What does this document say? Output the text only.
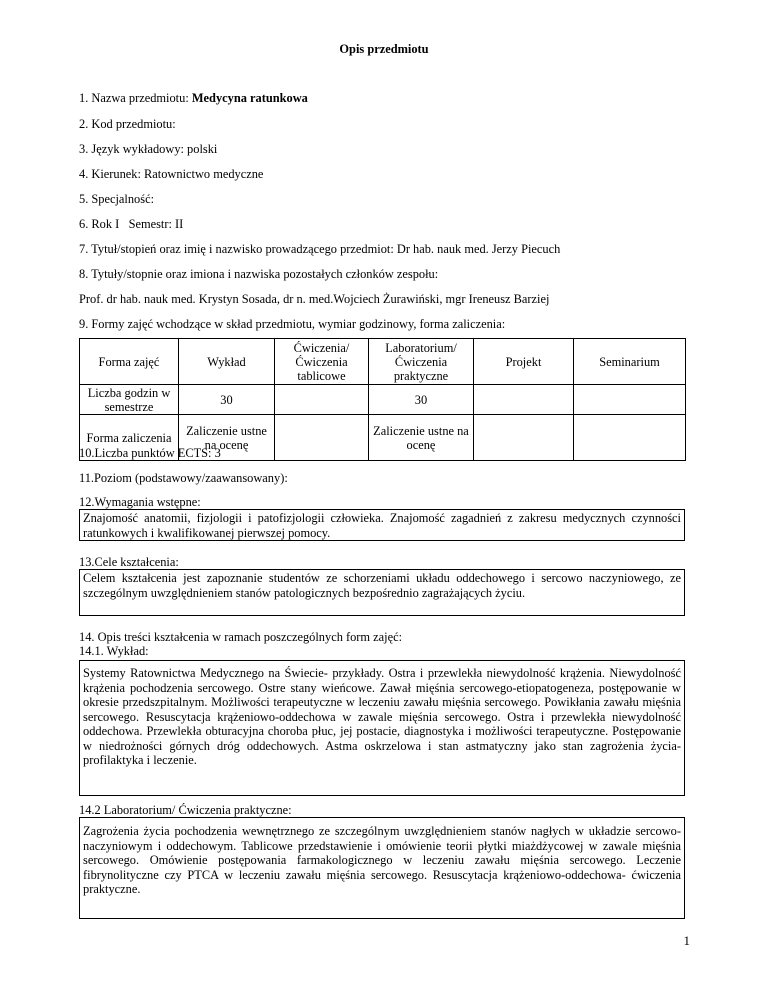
Opis przedmiotu
1. Nazwa przedmiotu: Medycyna ratunkowa
2. Kod przedmiotu:
3. Język wykładowy: polski
4. Kierunek: Ratownictwo medyczne
5. Specjalność:
6. Rok I   Semestr: II
7. Tytuł/stopień oraz imię i nazwisko prowadzącego przedmiot: Dr hab. nauk med. Jerzy Piecuch
8. Tytuły/stopnie oraz imiona i nazwiska pozostałych członków zespołu:
Prof. dr hab. nauk med. Krystyn Sosada, dr n. med.Wojciech Żurawiński, mgr Ireneusz Barziej
9. Formy zajęć wchodzące w skład przedmiotu, wymiar godzinowy, forma zaliczenia:
Forma zajęć	Wykład	Ćwiczenia/ Ćwiczenia tablicowe	Laboratorium/ Ćwiczenia praktyczne	Projekt	Seminarium
Liczba godzin w semestrze	30		30		
Forma zaliczenia	Zaliczenie ustne na ocenę		Zaliczenie ustne na ocenę		
10.Liczba punktów ECTS: 3
11.Poziom (podstawowy/zaawansowany):
12.Wymagania wstępne:
Znajomość anatomii, fizjologii i patofizjologii człowieka. Znajomość zagadnień z zakresu medycznych czynności ratunkowych i kwalifikowanej pierwszej pomocy.
13.Cele kształcenia:
Celem kształcenia jest zapoznanie studentów ze schorzeniami układu oddechowego i sercowo naczyniowego, ze szczególnym uwzględnieniem stanów patologicznych bezpośrednio zagrażających życiu.
14. Opis treści kształcenia w ramach poszczególnych form zajęć:
14.1. Wykład:
Systemy Ratownictwa Medycznego na Świecie- przykłady. Ostra i przewlekła niewydolność krążenia. Niewydolność krążenia pochodzenia sercowego. Ostre stany wieńcowe. Zawał mięśnia sercowego-etiopatogeneza, postępowanie w okresie przedszpitalnym. Możliwości terapeutyczne w leczeniu zawału mięśnia sercowego. Powikłania zawału mięśnia sercowego. Resuscytacja krążeniowo-oddechowa w zawale mięśnia sercowego. Ostra i przewlekła niewydolność oddechowa. Przewlekła obturacyjna choroba płuc, jej postacie, diagnostyka i możliwości terapeutyczne. Postępowanie w niedrożności górnych dróg oddechowych. Astma oskrzelowa i stan astmatyczny jako stan zagrożenia życia-profilaktyka i leczenie.
14.2 Laboratorium/ Ćwiczenia praktyczne:
Zagrożenia życia pochodzenia wewnętrznego ze szczególnym uwzględnieniem stanów nagłych w układzie sercowo-naczyniowym i oddechowym. Tablicowe przedstawienie i omówienie teorii płytki miażdżycowej w zawale mięśnia sercowego. Omówienie postępowania farmakologicznego w leczeniu zawału mięśnia sercowego. Leczenie fibrynolityczne czy PTCA w leczeniu zawału mięśnia sercowego. Resuscytacja krążeniowo-oddechowa- ćwiczenia praktyczne.
1
